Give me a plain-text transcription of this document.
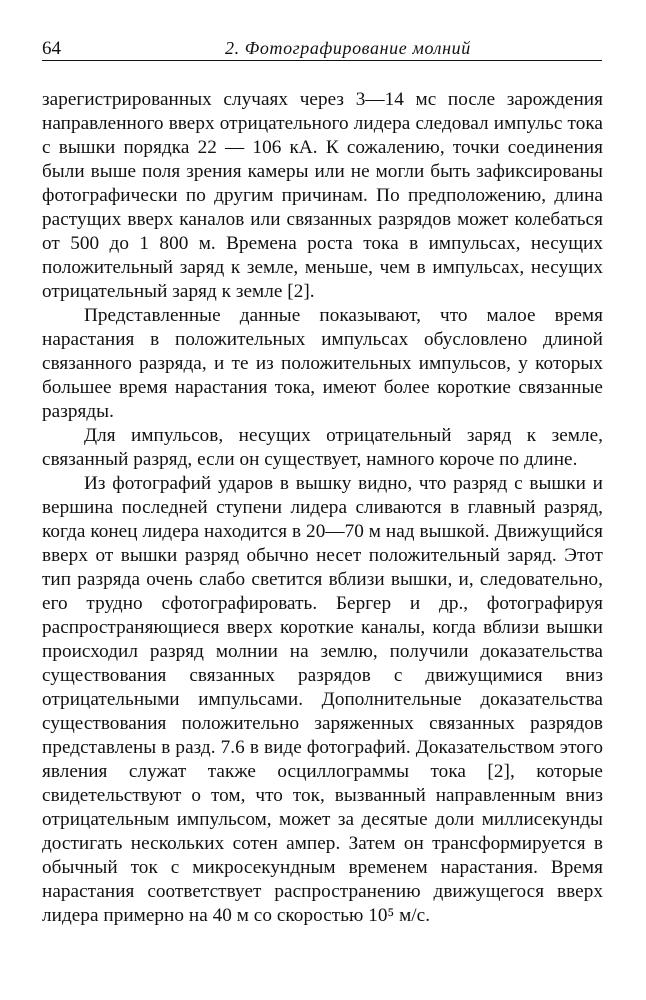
64	2. Фотографирование молний

зарегистрированных случаях через 3—14 мс после зарождения направленного вверх отрицательного лидера следовал импульс тока с вышки порядка 22 — 106 кА. К сожалению, точки соединения были выше поля зрения камеры или не могли быть зафиксированы фотографически по другим причинам. По предположению, длина растущих вверх каналов или связанных разрядов может колебаться от 500 до 1 800 м. Времена роста тока в импульсах, несущих положительный заряд к земле, меньше, чем в импульсах, несущих отрицательный заряд к земле [2].

Представленные данные показывают, что малое время нарастания в положительных импульсах обусловлено длиной связанного разряда, и те из положительных импульсов, у которых большее время нарастания тока, имеют более короткие связанные разряды.

Для импульсов, несущих отрицательный заряд к земле, связанный разряд, если он существует, намного короче по длине.

Из фотографий ударов в вышку видно, что разряд с вышки и вершина последней ступени лидера сливаются в главный разряд, когда конец лидера находится в 20—70 м над вышкой. Движущийся вверх от вышки разряд обычно несет положительный заряд. Этот тип разряда очень слабо светится вблизи вышки, и, следовательно, его трудно сфотографировать. Бергер и др., фотографируя распространяющиеся вверх короткие каналы, когда вблизи вышки происходил разряд молнии на землю, получили доказательства существования связанных разрядов с движущимися вниз отрицательными импульсами. Дополнительные доказательства существования положительно заряженных связанных разрядов представлены в разд. 7.6 в виде фотографий. Доказательством этого явления служат также осциллограммы тока [2], которые свидетельствуют о том, что ток, вызванный направленным вниз отрицательным импульсом, может за десятые доли миллисекунды достигать нескольких сотен ампер. Затем он трансформируется в обычный ток с микросекундным временем нарастания. Время нарастания соответствует распространению движущегося вверх лидера примерно на 40 м со скоростью 10⁵ м/с.
